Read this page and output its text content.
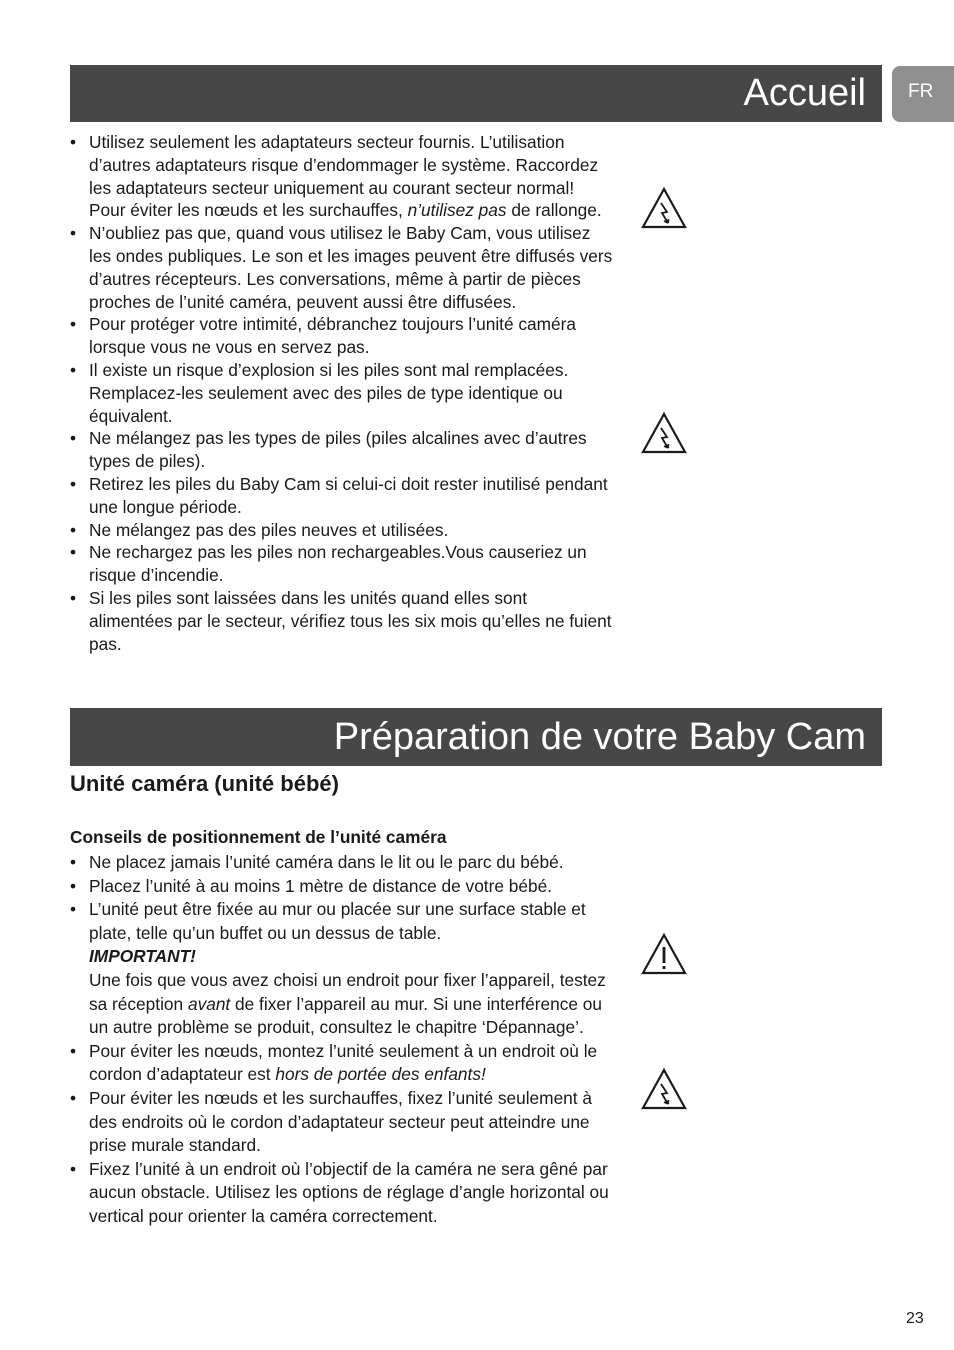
Accueil	FR
• Utilisez seulement les adaptateurs secteur fournis. L’utilisation d’autres adaptateurs risque d’endommager le système. Raccordez les adaptateurs secteur uniquement au courant secteur normal! Pour éviter les nœuds et les surchauffes, n’utilisez pas de rallonge.
• N’oubliez pas que, quand vous utilisez le Baby Cam, vous utilisez les ondes publiques. Le son et les images peuvent être diffusés vers d’autres récepteurs. Les conversations, même à partir de pièces proches de l’unité caméra, peuvent aussi être diffusées.
• Pour protéger votre intimité, débranchez toujours l’unité caméra lorsque vous ne vous en servez pas.
• Il existe un risque d’explosion si les piles sont mal remplacées. Remplacez-les seulement avec des piles de type identique ou équivalent.
• Ne mélangez pas les types de piles (piles alcalines avec d’autres types de piles).
• Retirez les piles du Baby Cam si celui-ci doit rester inutilisé pendant une longue période.
• Ne mélangez pas des piles neuves et utilisées.
• Ne rechargez pas les piles non rechargeables.Vous causeriez un risque d’incendie.
• Si les piles sont laissées dans les unités quand elles sont alimentées par le secteur, vérifiez tous les six mois qu’elles ne fuient pas.
Préparation de votre Baby Cam
Unité caméra (unité bébé)
Conseils de positionnement de l’unité caméra
• Ne placez jamais l’unité caméra dans le lit ou le parc du bébé.
• Placez l’unité à au moins 1 mètre de distance de votre bébé.
• L’unité peut être fixée au mur ou placée sur une surface stable et plate, telle qu’un buffet ou un dessus de table.
IMPORTANT!
Une fois que vous avez choisi un endroit pour fixer l’appareil, testez sa réception avant de fixer l’appareil au mur. Si une interférence ou un autre problème se produit, consultez le chapitre ‘Dépannage’.
• Pour éviter les nœuds, montez l’unité seulement à un endroit où le cordon d’adaptateur est hors de portée des enfants!
• Pour éviter les nœuds et les surchauffes, fixez l’unité seulement à des endroits où le cordon d’adaptateur secteur peut atteindre une prise murale standard.
• Fixez l’unité à un endroit où l’objectif de la caméra ne sera gêné par aucun obstacle. Utilisez les options de réglage d’angle horizontal ou vertical pour orienter la caméra correctement.
23
